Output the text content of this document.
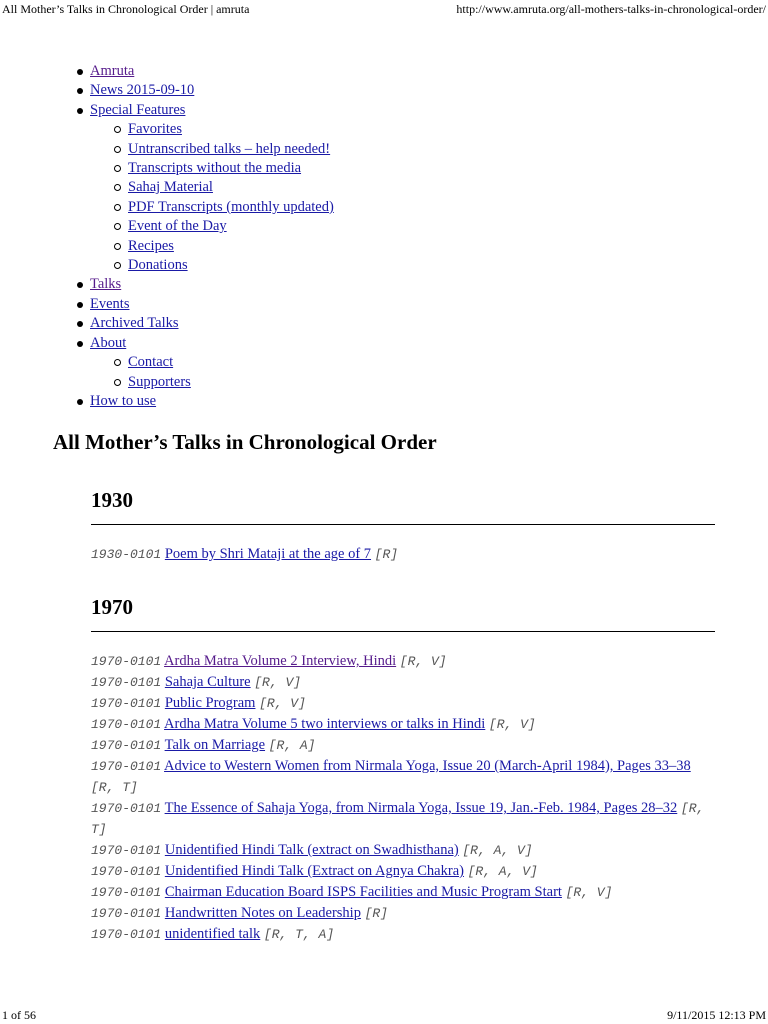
All Mother’s Talks in Chronological Order | amruta	http://www.amruta.org/all-mothers-talks-in-chronological-order/
Amruta
News 2015-09-10
Special Features
Favorites
Untranscribed talks – help needed!
Transcripts without the media
Sahaj Material
PDF Transcripts (monthly updated)
Event of the Day
Recipes
Donations
Talks
Events
Archived Talks
About
Contact
Supporters
How to use
All Mother’s Talks in Chronological Order
1930
1930-0101 Poem by Shri Mataji at the age of 7 [R]
1970
1970-0101 Ardha Matra Volume 2 Interview, Hindi [R, V]
1970-0101 Sahaja Culture [R, V]
1970-0101 Public Program [R, V]
1970-0101 Ardha Matra Volume 5 two interviews or talks in Hindi [R, V]
1970-0101 Talk on Marriage [R, A]
1970-0101 Advice to Western Women from Nirmala Yoga, Issue 20 (March-April 1984), Pages 33–38 [R, T]
1970-0101 The Essence of Sahaja Yoga, from Nirmala Yoga, Issue 19, Jan.-Feb. 1984, Pages 28–32 [R, T]
1970-0101 Unidentified Hindi Talk (extract on Swadhisthana) [R, A, V]
1970-0101 Unidentified Hindi Talk (Extract on Agnya Chakra) [R, A, V]
1970-0101 Chairman Education Board ISPS Facilities and Music Program Start [R, V]
1970-0101 Handwritten Notes on Leadership [R]
1970-0101 unidentified talk [R, T, A]
1 of 56	9/11/2015 12:13 PM
